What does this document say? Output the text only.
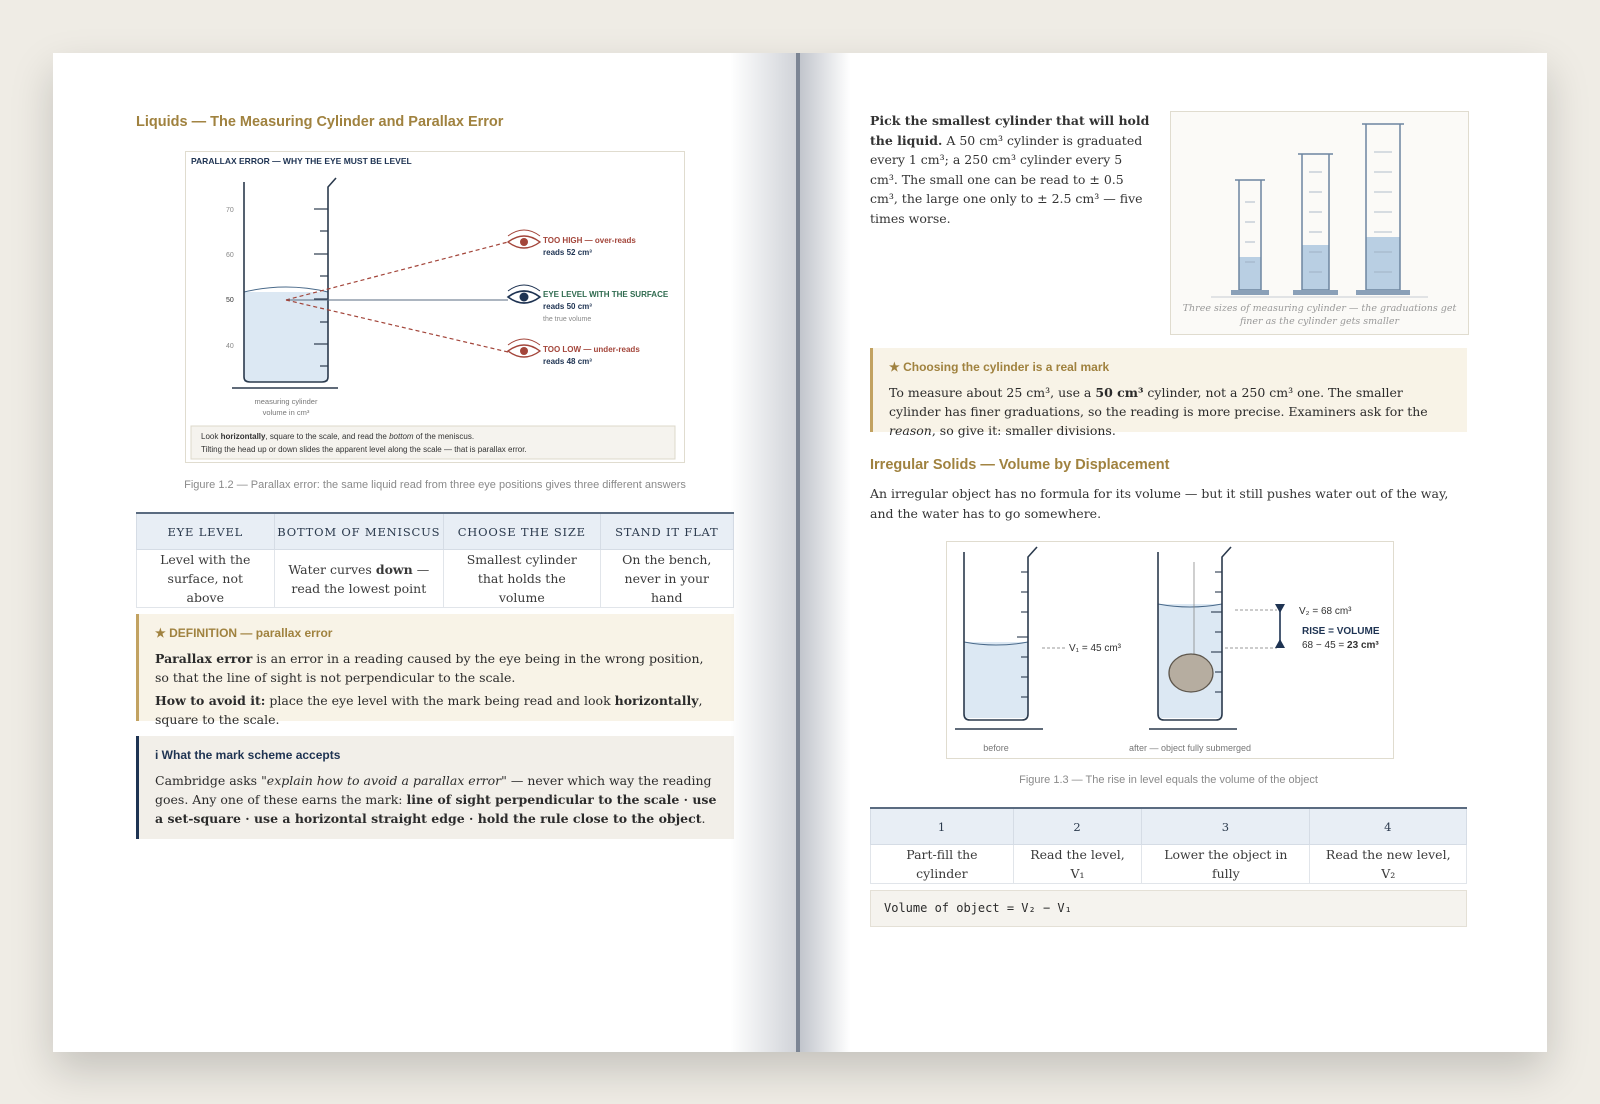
Liquids — The Measuring Cylinder and Parallax Error
PARALLAX ERROR — WHY THE EYE MUST BE LEVEL
70
60
50
40
measuring cylinder
volume in cm³
TOO HIGH — over-reads
reads 52 cm³
EYE LEVEL WITH THE SURFACE
reads 50 cm³
the true volume
TOO LOW — under-reads
reads 48 cm³
Look horizontally, square to the scale, and read the bottom of the meniscus.
Tilting the head up or down slides the apparent level along the scale — that is parallax error.
Figure 1.2 — Parallax error: the same liquid read from three eye positions gives three different answers
EYE LEVEL	BOTTOM OF MENISCUS	CHOOSE THE SIZE	STAND IT FLAT
Level with the surface, not above	Water curves down — read the lowest point	Smallest cylinder that holds the volume	On the bench, never in your hand
★ DEFINITION — parallax error
Parallax error is an error in a reading caused by the eye being in the wrong position, so that the line of sight is not perpendicular to the scale.
How to avoid it: place the eye level with the mark being read and look horizontally, square to the scale.
i What the mark scheme accepts
Cambridge asks "explain how to avoid a parallax error" — never which way the reading goes. Any one of these earns the mark: line of sight perpendicular to the scale · use a set-square · use a horizontal straight edge · hold the rule close to the object.
Pick the smallest cylinder that will hold the liquid. A 50 cm³ cylinder is graduated every 1 cm³; a 250 cm³ cylinder every 5 cm³. The small one can be read to ± 0.5 cm³, the large one only to ± 2.5 cm³ — five times worse.
Three sizes of measuring cylinder — the graduations get finer as the cylinder gets smaller
★ Choosing the cylinder is a real mark
To measure about 25 cm³, use a 50 cm³ cylinder, not a 250 cm³ one. The smaller cylinder has finer graduations, so the reading is more precise. Examiners ask for the reason, so give it: smaller divisions.
Irregular Solids — Volume by Displacement
An irregular object has no formula for its volume — but it still pushes water out of the way, and the water has to go somewhere.
V₁ = 45 cm³
V₂ = 68 cm³
RISE = VOLUME
68 − 45 = 23 cm³
before	after — object fully submerged
Figure 1.3 — The rise in level equals the volume of the object
1	2	3	4
Part-fill the cylinder	Read the level, V₁	Lower the object in fully	Read the new level, V₂
Volume of object = V₂ − V₁
